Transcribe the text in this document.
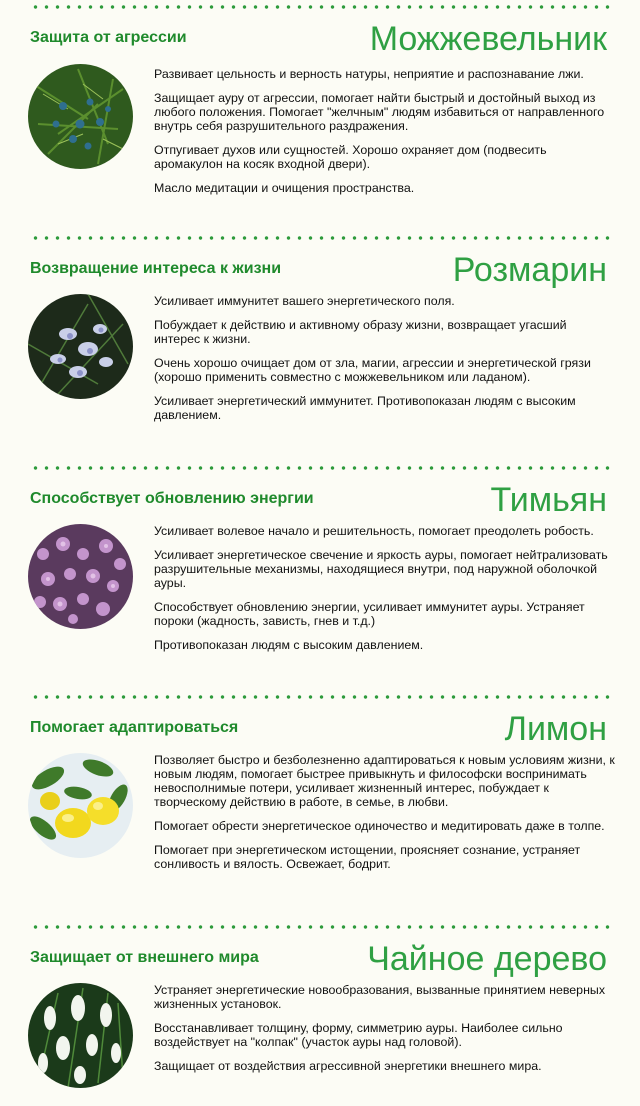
Защита от агрессии	Можжевельник

Развивает цельность и верность натуры, неприятие и распознавание лжи.

Защищает ауру от агрессии, помогает найти быстрый и достойный выход из любого положения. Помогает "желчным" людям избавиться от направленного внутрь себя разрушительного раздражения.

Отпугивает духов или сущностей. Хорошо охраняет дом (подвесить аромакулон на косяк входной двери).

Масло медитации и очищения пространства.

Возвращение интереса к жизни	Розмарин

Усиливает иммунитет вашего энергетического поля.

Побуждает к действию и активному образу жизни, возвращает угасший интерес к жизни.

Очень хорошо очищает дом от зла, магии, агрессии и энергетической грязи (хорошо применить совместно с можжевельником или ладаном).

Усиливает энергетический иммунитет. Противопоказан людям с высоким давлением.

Способствует обновлению энергии	Тимьян

Усиливает волевое начало и решительность, помогает преодолеть робость.

Усиливает энергетическое свечение и яркость ауры, помогает нейтрализовать разрушительные механизмы, находящиеся внутри, под наружной оболочкой ауры.

Способствует обновлению энергии, усиливает иммунитет ауры. Устраняет пороки (жадность, зависть, гнев и т.д.)

Противопоказан людям с высоким давлением.

Помогает адаптироваться	Лимон

Позволяет быстро и безболезненно адаптироваться к новым условиям жизни, к новым людям, помогает быстрее привыкнуть и философски воспринимать невосполнимые потери, усиливает жизненный интерес, побуждает к творческому действию в работе, в семье, в любви.

Помогает обрести энергетическое одиночество и медитировать даже в толпе.

Помогает при энергетическом истощении, проясняет сознание, устраняет сонливость и вялость. Освежает, бодрит.

Защищает от внешнего мира	Чайное дерево

Устраняет энергетические новообразования, вызванные принятием неверных жизненных установок.

Восстанавливает толщину, форму, симметрию ауры. Наиболее сильно воздействует на "колпак" (участок ауры над головой).

Защищает от воздействия агрессивной энергетики внешнего мира.
